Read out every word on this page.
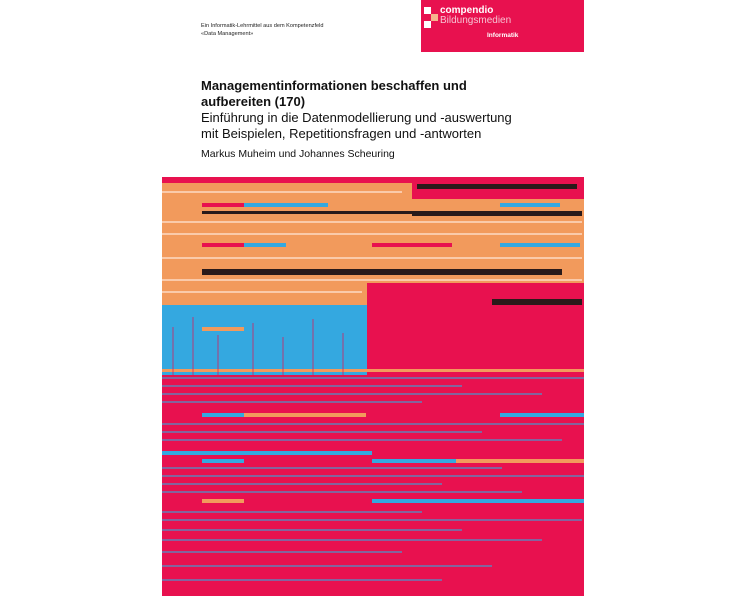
Ein Informatik-Lehrmittel aus dem Kompetenzfeld
«Data Management»
compendio
Bildungsmedien
Informatik
Managementinformationen beschaffen und
aufbereiten (170)
Einführung in die Datenmodellierung und -auswertung
mit Beispielen, Repetitionsfragen und -antworten
Markus Muheim und Johannes Scheuring
